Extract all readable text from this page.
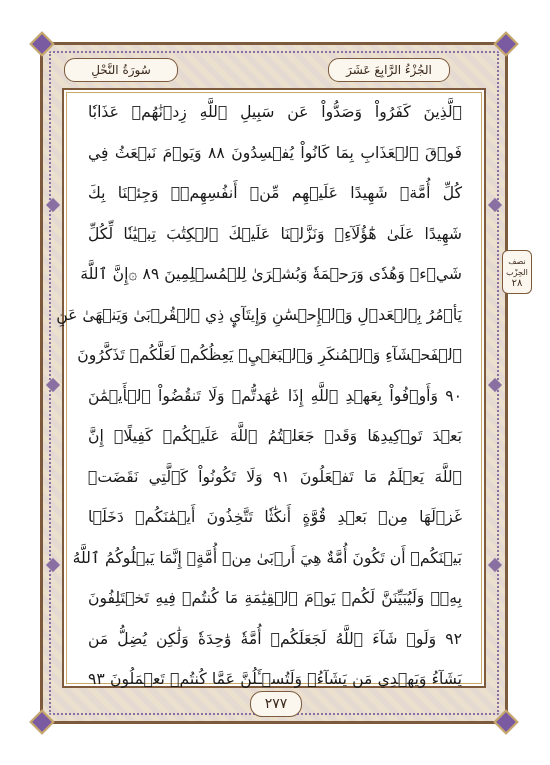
الجُزْءُ الرَّابِعَ عَشَرَ
سُورَةُ النَّحْلِ
ٱلَّذِينَ كَفَرُواْ وَصَدُّواْ عَن سَبِيلِ ٱللَّهِ زِدۡنَٰهُمۡ عَذَابٗا
فَوۡقَ ٱلۡعَذَابِ بِمَا كَانُواْ يُفۡسِدُونَ ٨٨ وَيَوۡمَ نَبۡعَثُ فِي
كُلِّ أُمَّةٖ شَهِيدًا عَلَيۡهِم مِّنۡ أَنفُسِهِمۡۖ وَجِئۡنَا بِكَ
شَهِيدًا عَلَىٰ هَٰٓؤُلَآءِۚ وَنَزَّلۡنَا عَلَيۡكَ ٱلۡكِتَٰبَ تِبۡيَٰنٗا لِّكُلِّ
شَيۡءٖ وَهُدٗى وَرَحۡمَةٗ وَبُشۡرَىٰ لِلۡمُسۡلِمِينَ ٨٩ ۞إِنَّ ٱللَّهَ
يَأۡمُرُ بِٱلۡعَدۡلِ وَٱلۡإِحۡسَٰنِ وَإِيتَآيِٕ ذِي ٱلۡقُرۡبَىٰ وَيَنۡهَىٰ عَنِ
ٱلۡفَحۡشَآءِ وَٱلۡمُنكَرِ وَٱلۡبَغۡيِۚ يَعِظُكُمۡ لَعَلَّكُمۡ تَذَكَّرُونَ
٩٠ وَأَوۡفُواْ بِعَهۡدِ ٱللَّهِ إِذَا عَٰهَدتُّمۡ وَلَا تَنقُضُواْ ٱلۡأَيۡمَٰنَ
بَعۡدَ تَوۡكِيدِهَا وَقَدۡ جَعَلۡتُمُ ٱللَّهَ عَلَيۡكُمۡ كَفِيلًاۚ إِنَّ
ٱللَّهَ يَعۡلَمُ مَا تَفۡعَلُونَ ٩١ وَلَا تَكُونُواْ كَٱلَّتِي نَقَضَتۡ
غَزۡلَهَا مِنۢ بَعۡدِ قُوَّةٍ أَنكَٰثٗا تَتَّخِذُونَ أَيۡمَٰنَكُمۡ دَخَلَۢا
بَيۡنَكُمۡ أَن تَكُونَ أُمَّةٌ هِيَ أَرۡبَىٰ مِنۡ أُمَّةٍۚ إِنَّمَا يَبۡلُوكُمُ ٱللَّهُ
بِهِۦۚ وَلَيُبَيِّنَنَّ لَكُمۡ يَوۡمَ ٱلۡقِيَٰمَةِ مَا كُنتُمۡ فِيهِ تَخۡتَلِفُونَ
٩٢ وَلَوۡ شَآءَ ٱللَّهُ لَجَعَلَكُمۡ أُمَّةٗ وَٰحِدَةٗ وَلَٰكِن يُضِلُّ مَن
يَشَآءُ وَيَهۡدِي مَن يَشَآءُۚ وَلَتُسۡـَٔلُنَّ عَمَّا كُنتُمۡ تَعۡمَلُونَ ٩٣
نصف الحِزْب
٢٨
٢٧٧
